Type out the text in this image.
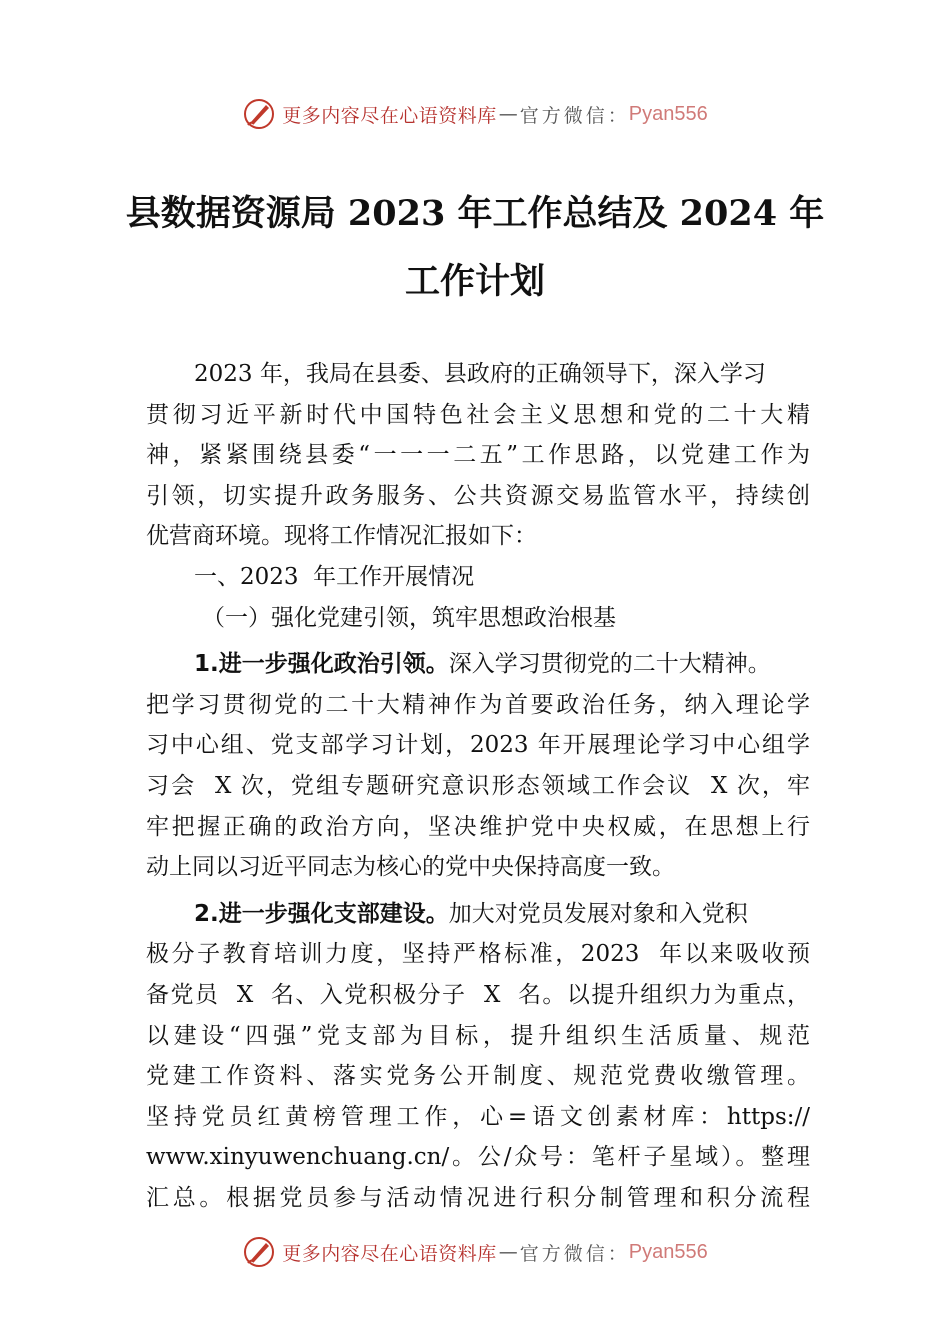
更多内容尽在心语资料库 — 官方微信 ： Pyan556
县数据资源局 2023 年工作总结及 2024 年
工作计划
2023 年，我局在县委、县政府的正确领导下，深入学习
贯彻习近平新时代中国特色社会主义思想和党的二十大精
神，紧紧围绕县委“一一一二五”工作思路，以党建工作为
引领，切实提升政务服务、公共资源交易监管水平，持续创
优营商环境。现将工作情况汇报如下：
一、2023  年工作开展情况
（一）强化党建引领，筑牢思想政治根基
1.进一步强化政治引领。深入学习贯彻党的二十大精神。
把学习贯彻党的二十大精神作为首要政治任务，纳入理论学
习中心组、党支部学习计划，2023 年开展理论学习中心组学
习会  X 次，党组专题研究意识形态领域工作会议  X 次，牢
牢把握正确的政治方向，坚决维护党中央权威，在思想上行
动上同以习近平同志为核心的党中央保持高度一致。
2.进一步强化支部建设。加大对党员发展对象和入党积
极分子教育培训力度，坚持严格标准，2023  年以来吸收预
备党员  X  名、入党积极分子  X  名。以提升组织力为重点，
以建设“四强”党支部为目标，提升组织生活质量、规范
党建工作资料、落实党务公开制度、规范党费收缴管理。
坚持党员红黄榜管理工作，心=语文创素材库：https://
www.xinyuwenchuang.cn/。公/众号：笔杆子星域）。整理
汇总。根据党员参与活动情况进行积分制管理和积分流程
更多内容尽在心语资料库 — 官方微信 ： Pyan556
